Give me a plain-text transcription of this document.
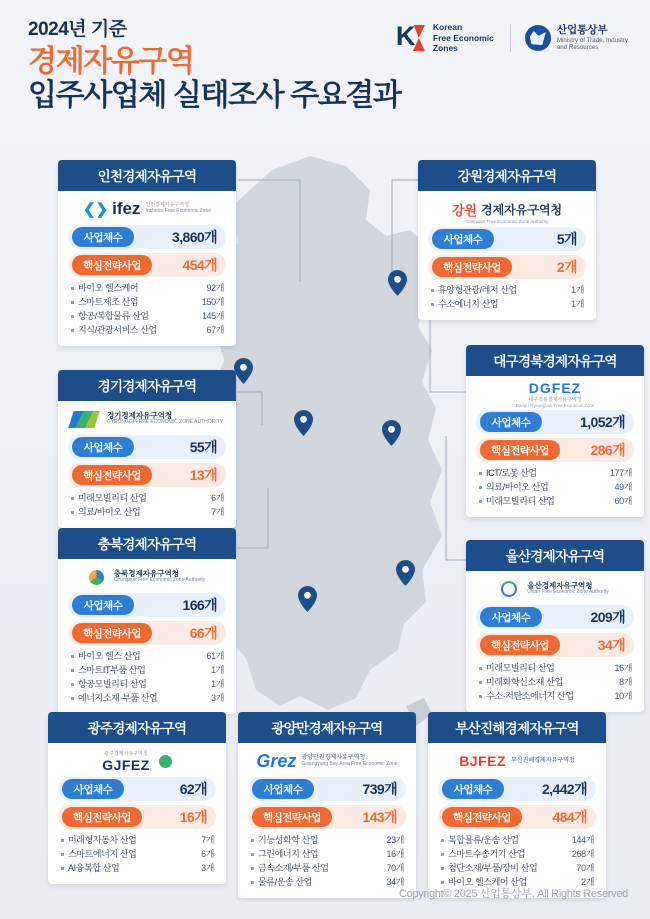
2024년 기준
경제자유구역
입주사업체 실태조사 주요결과
K Korean
Free Economic
Zones
산업통상부
Ministry of Trade, Industry
and Resources
인천경제자유구역
❮❯ ifez 인천경제자유구역청
Incheon Free Economic Zone
사업체수	3,860개
핵심전략사업	454개
바이오 헬스케어	92개
스마트제조 산업	150개
항공/복합물류 산업	145개
지식/관광서비스 산업	67개
강원경제자유구역
강원 경제자유구역청
Gangwon Free Economic Zone Authority
사업체수	5개
핵심전략사업	2개
휴양형관광/레저 산업	1개
수소에너지 산업	1개
경기경제자유구역
경기경제자유구역청
GYEONGGI FREE ECONOMIC ZONE AUTHORITY
사업체수	55개
핵심전략사업	13개
미래모빌리티 산업	6개
의료/바이오 산업	7개
대구경북경제자유구역
DGFEZ
대구경북경제자유구역청
Daegu Gyeongbuk Free Economic Zone
사업체수	1,052개
핵심전략사업	286개
ICT/로봇 산업	177개
의료/바이오 산업	49개
미래모빌리티 산업	60개
충북경제자유구역
충북경제자유구역청
Chungbuk Free Economic Zone Authority
사업체수	166개
핵심전략사업	66개
바이오 헬스 산업	61개
스마트IT부품 산업	1개
항공모빌리티 산업	1개
에너지소재·부품 산업	3개
울산경제자유구역
울산경제자유구역청
Ulsan Free Economic Zone Authority
사업체수	209개
핵심전략사업	34개
미래모빌리티 산업	16개
미래화학신소재 산업	8개
수소·저탄소에너지 산업	10개
광주경제자유구역
광주경제자유구역청
GJFEZ
사업체수	62개
핵심전략사업	16개
미래형자동차 산업	7개
스마트에너지 산업	6개
AI융복합 산업	3개
광양만경제자유구역
Grez 광양만권경제자유구역청
Gwangyang Bay Area Free Economic Zone
사업체수	739개
핵심전략사업	143개
기능성화학 산업	23개
그린에너지 산업	16개
금속소재/부품 산업	70개
물류/운송 산업	34개
부산진해경제자유구역
BJFEZ 부산진해경제자유구역청
사업체수	2,442개
핵심전략사업	484개
복합물류/운송 산업	144개
스마트수송기기 산업	268개
첨단소재/부품/장비 산업	70개
바이오 헬스케어 산업	2개
Copyright© 2025 산업통상부, All Rights Reserved
